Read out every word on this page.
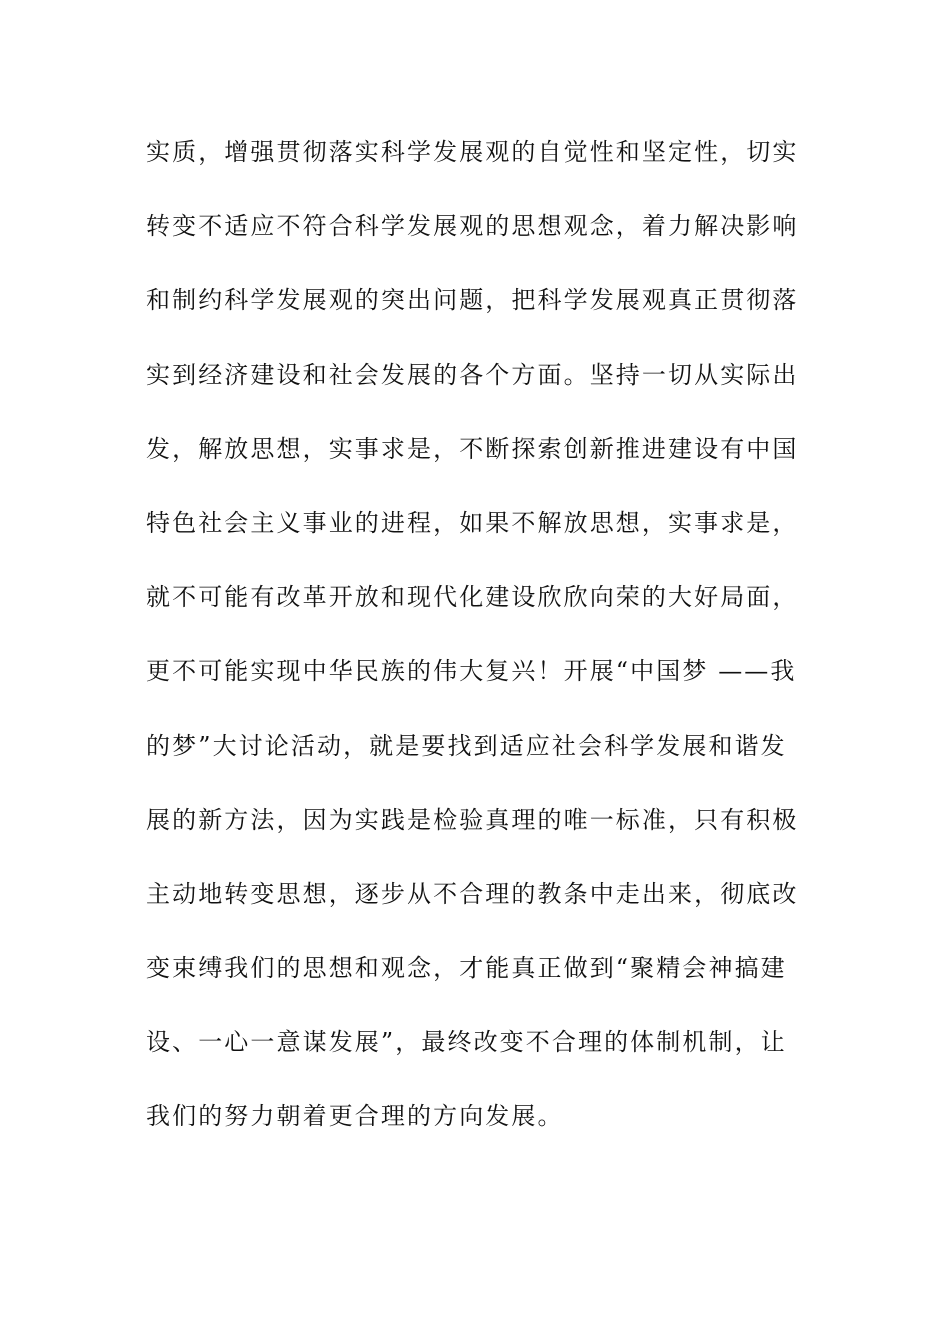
实质，增强贯彻落实科学发展观的自觉性和坚定性，切实
转变不适应不符合科学发展观的思想观念，着力解决影响
和制约科学发展观的突出问题，把科学发展观真正贯彻落
实到经济建设和社会发展的各个方面。坚持一切从实际出
发，解放思想，实事求是，不断探索创新推进建设有中国
特色社会主义事业的进程，如果不解放思想，实事求是，
就不可能有改革开放和现代化建设欣欣向荣的大好局面，
更不可能实现中华民族的伟大复兴！开展“中国梦 ——我
的梦”大讨论活动，就是要找到适应社会科学发展和谐发
展的新方法，因为实践是检验真理的唯一标准，只有积极
主动地转变思想，逐步从不合理的教条中走出来，彻底改
变束缚我们的思想和观念，才能真正做到“聚精会神搞建
设、一心一意谋发展”，最终改变不合理的体制机制，让
我们的努力朝着更合理的方向发展。
